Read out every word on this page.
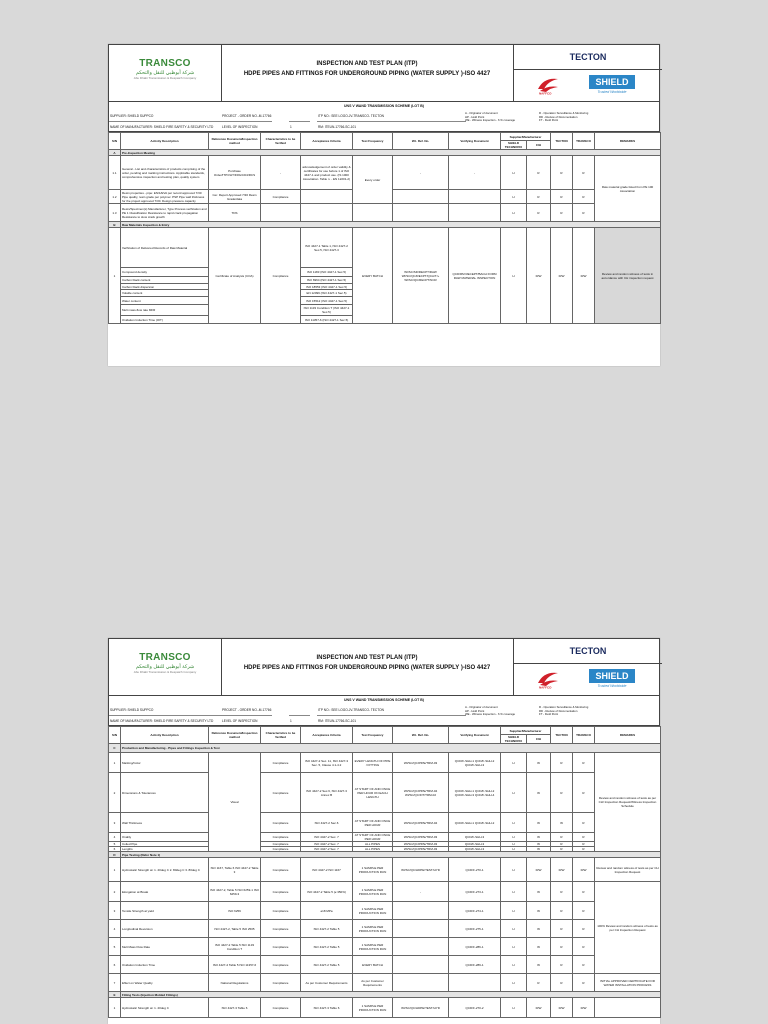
TRANSCO
شركة أبوظبي للنقل والتحكم
Abu Dhabi Transmission & Despatch Company
INSPECTION AND TEST PLAN (ITP)
HDPE PIPES AND FITTINGS FOR UNDERGROUND PIPING (WATER SUPPLY )-ISO 4427
TECTON
NAFFCO
SHIELD
Trusted Worldwide
UNS V WAND TRANSMISSION SCHEME (LOT B)
SUPPLIER: SHIELD SUPPCO	PROJECT - ORDER NO.-M-17766	ITP NO.: SEE LOGO-JV-TRANSCO- TECTON
NAME OF MANUFACTURER: SHIELD FIRE SAFETY & SECURITY LTD	LEVEL OF INSPECTION	1	RM: ITEUN-17766-SC-101
A - Originator of document
HP - Hold Point
WE - Witness Inspection - 6 % coverage
R - Operation Surveillance & Monitoring
RD - Review of Documentation
FT - Field Point
S/N	Activity Description	Reference Document/Inspection method	Characteristics to be Verified	Acceptance Criteria	Test Frequency	W.I. Ref. No.	Verifying Document	Supplier/Manufacturer		TECTON	TRANSCO	REMARKS
								SHIELD TECHNOFIX	CIH			
A	Pre-Inspection Meeting											
1.1	General - List and characteristics of products comprising of the order, pending and marking instructions. Applicable standards, comprehensive inspection and testing plan, quality system	Purchase Order/ITP/VHT/FRG/CD4/RCS	-	acknowledgement of order validity & certificates for use before 1 of ISO 4427-1 and product use. (IS 1000 Association. Table n. - EN 12201-2)	Every order	-	-	H	R	R	R	Raw material grade listed from PE 100 Association
1.2	Resin properties - pipe: EN/1/EVA per record approved 7/30 Pipe quality, resin grade per polymer. PSP Pipe wall thickness for the project approved 7/30. Design pressure capacity	Cer. Report Approved 7/30 Resin Grade/data	Compliance					H	R	R	R	
1.3	Resin/Specimen(s) Manufacturer, Type Process verification and PE 1 Classification Resistance to rapid crack propagation Resistance to slow crack growth	TDS						H	R	R	R	
B	Raw Materials Inspection & Entry											
1	Verification of Delivered Records of Raw Material	Certificate of Analysis (COA)	Compliance	ISO 4427-1 Table 1, ISO 4427-2 Sec.5, ISO 4427-3	EVERY BATCH	WI/SC/SD/RECPT/RAW WI/SC/QC/RECPT/QCA/T/+ WI/SC/QC/RECPT/NCR	QCD/RM RECEPT/BACH FORM RAW MATERIAL INSPECTION	H	R/W	R/W	R/W	Review and random witness of tests in accordance with CH inspection request
	Compound density			ISO 1183 (ISO 4427-1 Sec.5)								
	Carbon black content			ISO 6964 (ISO 4427-1 Sec.5)								
	Carbon black dispersion			ISO 18553 (ISO 4427-1 Sec.5)								
	Volatile content			EN 12099 (ISO 4427-1 Sec.5)								
	Water content			ISO 15512 (ISO 4427-1 Sec.5)								
	Melt mass-flow rate MFR			ISO 1133 Condition T (ISO 4427-1 Sec.5)								
	Oxidation Induction Time (OIT)			ISO 11357-6 (ISO 4427-1 Sec.5)								
TRANSCO
شركة أبوظبي للنقل والتحكم
Abu Dhabi Transmission & Despatch Company
INSPECTION AND TEST PLAN (ITP)
HDPE PIPES AND FITTINGS FOR UNDERGROUND PIPING (WATER SUPPLY )-ISO 4427
TECTON
NAFFCO
SHIELD
Trusted Worldwide
UNS V WAND TRANSMISSION SCHEME (LOT B)
SUPPLIER: SHIELD SUPPCO	PROJECT - ORDER NO.-M-17766	ITP NO.: SEE LOGO-JV-TRANSCO- TECTON
NAME OF MANUFACTURER: SHIELD FIRE SAFETY & SECURITY LTD	LEVEL OF INSPECTION	1	RM: ITEUN-17766-SC-101
A - Originator of document
HP - Hold Point
WE - Witness Inspection - 6 % coverage
R - Operation Surveillance & Monitoring
RD - Review of Documentation
FT - Field Point
S/N	Activity Description	Reference Document/Inspection method	Characteristics to be Verified	Acceptance Criteria	Test Frequency	W.I. Ref. No.	Verifying Document	Supplier/Manufacturer		TECTON	TRANSCO	REMARKS
								SHIELD TECHNOFIX	CIH			
C	Production and Manufacturing - Pipes and Fittings Inspection & Test											
1	Marking/Color	Visual	Compliance	ISO 4427-2 Sec. 11, ISO 4427-3 Sec. 5, Clause 4.1-4.2	EVERY LENGTH OF PIPE / FITTING	WI/SC/QC/PIPE/TRM-03	QCD/F-SHH-1 QCD/F-SHH-2 QCD/F-SHH-3	H	W	R	R	Review and random witness of tests as per CH/ Inspection Request/Witness Inspection Schedule
2	Dimensions & Tolerances		Compliance	ISO 4427-2 Sec.6, ISO 4427-3 Annex B	AT START OF AND ONCE PER HOUR ON EACH LENGTH	WI/SC/QC/PIPE/TRM-04 WI/SC/QC/FIT/TRM-02	QCD/F-SHH-1 QCD/F-SHH-2 QCD/F-SHH-3 QCD/F-SHH-4	H	W	R	R	
3	Wall Thickness		Compliance	ISO 4427-2 Sec.6	AT START OF AND ONCE PER HOUR	WI/SC/QC/PIPE/TRM-04	QCD/F-SHH-1 QCD/F-SHH-2	H	W	W	R	
4	Ovality		Compliance	ISO 4427-2 Sec. 7	AT START OF AND ONCE PER HOUR	WI/SC/QC/PIPE/TRM-03	QCD/F-SHH-3	H	W	R	R	
5	Coiled Pipe		Compliance	ISO 4427-2 Sec. 7	ALL PIPES	WI/SC/QC/PIPE/TRM-03	QCD/F-SHH-3	H	W	R	R	
6	Lengths		Compliance	ISO 4427-2 Sec. 7	ALL PIPES	WI/SC/QC/PIPE/TRM-03	QCD/F-SHH-3	H	W	R	R	
D	Pipe Testing (Refer Note 1)											
1	Hydrostatic Strength at: 1. 20deg C 2. 80deg C 3. 80deg C	ISO 1167, Table 6 ISO 4427-2 Table 3	Compliance	ISO 4427-2 ISO 1167	1 SAMPLE PER PRODUCTION RUN	WI/SC/QC/HDPE/TEST/HYD	QCD/F-270-1	H	R/W	R/W	R/W	Review and random witness of tests as per CH Inspection Request
2	Elongation at Break	ISO 4427-2, Table 5 ISO 6259-1 ISO 6259-3	Compliance	ISO 4427-2 Table 5 (≥ 350%)	1 SAMPLE PER PRODUCTION RUN	-	QCD/F-273-1	H	W	R	R	100% Review and random witness of tests as per CH Inspection Request
3	Tensile Strength at yield	ISO 6259	Compliance	≥18 MPa	1 SAMPLE PER PRODUCTION RUN		QCD/F-274-1	H	W	R	R	
4	Longitudinal Reversion	ISO 4427-2, Table 5 ISO 2505	Compliance	ISO 4427-2 Table 5	1 SAMPLE PER PRODUCTION RUN		QCD/F-275-1	H	W	R	R	
5	Melt Mass Flow Rate	ISO 4427-2 Table 5 ISO 1133 Condition T	Compliance	ISO 4427-2 Table 5	1 SAMPLE PER PRODUCTION RUN		QCD/F-286-1	H	W	R	R	
6	Oxidation Induction Time	ISO 4427-2 Table 5 ISO 11357-6	Compliance	ISO 4427-2 Table 5	EVERY BATCH		QCD/F-289-1	H	W	R	R	
7	Effect on Water Quality	National Regulations	Compliance	As per Customer Requirements	As per Customer Requirements			H	R	R	R	INITIAL APPROVED CERTIFICATE FOR WATER INSTALLATION PROCESS
E	Fitting Tests (Injection Molded Fittings)											
1	Hydrostatic Strength at: 1. 20deg C	ISO 4427-3 Table 6	Compliance	ISO 4427-3 Table 6	1 SAMPLE PER PRODUCTION RUN	WI/SC/QC/HDPE/TEST/HYD	QCD/F-270-2	H	R/W	R/W	R/W	
